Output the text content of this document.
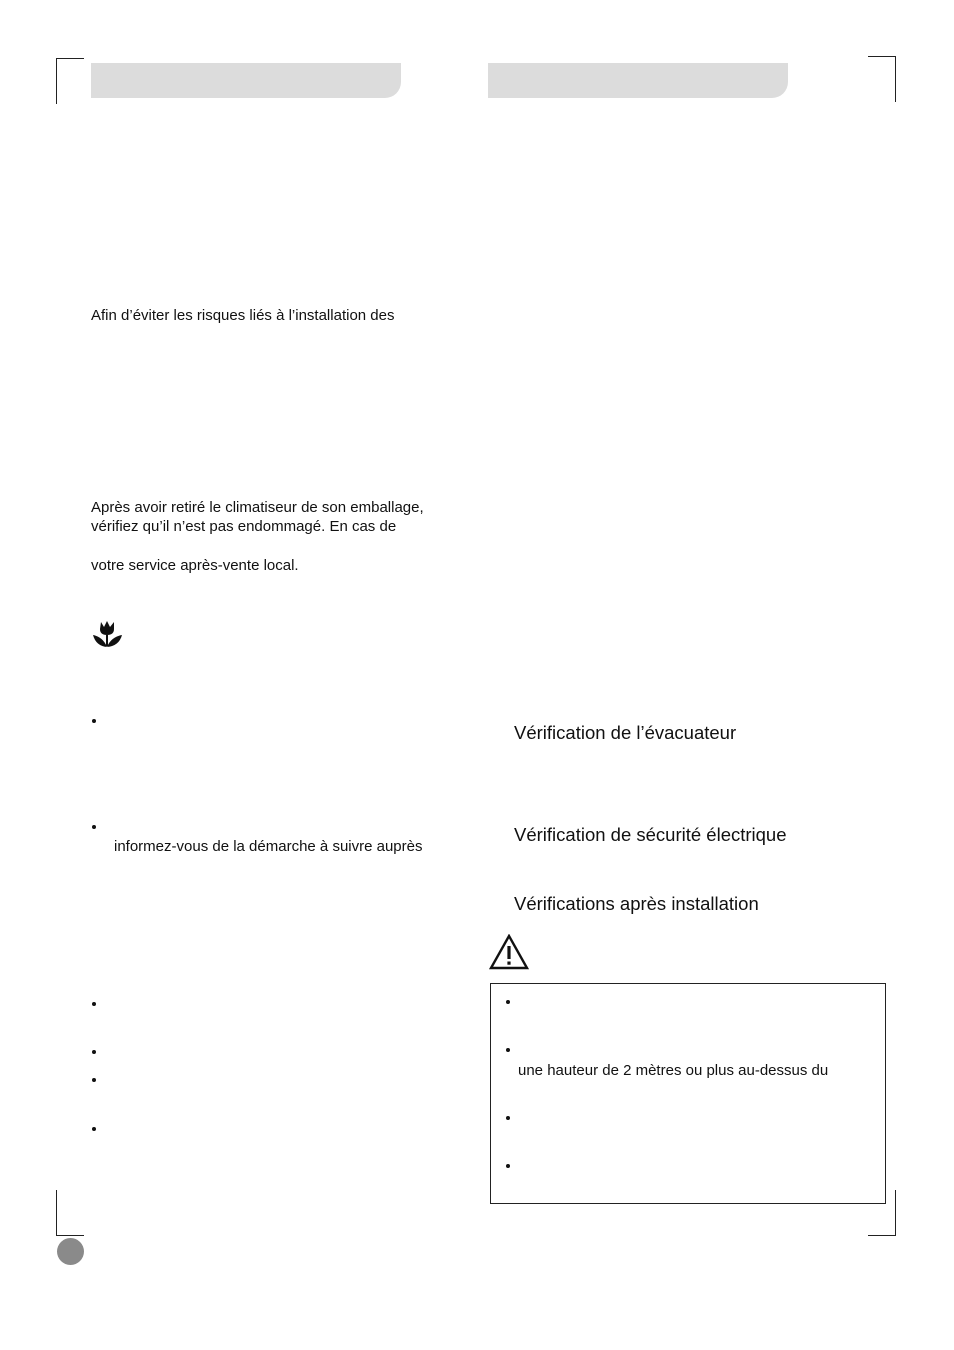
Afin d’éviter les risques liés à l’installation des
Après avoir retiré le climatiseur de son emballage,
vérifiez qu’il n’est pas endommagé. En cas de
votre service après-vente local.
informez-vous de la démarche à suivre auprès
Vérification de l’évacuateur
Vérification de sécurité électrique
Vérifications après installation
une hauteur de 2 mètres ou plus au-dessus du
